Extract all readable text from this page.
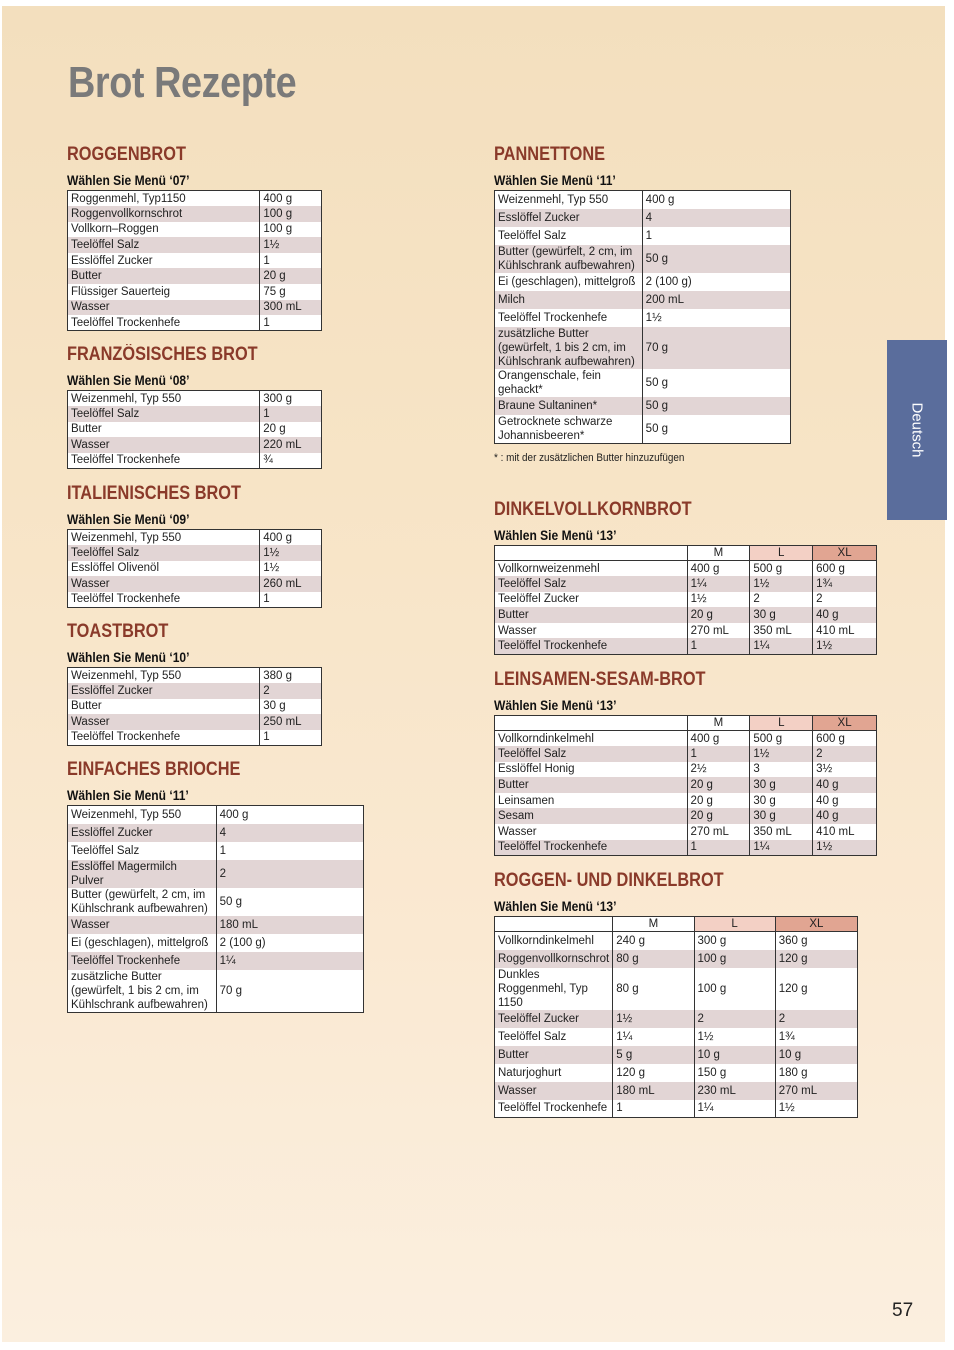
Brot Rezepte
ROGGENBROT
Wählen Sie Menü ‘07’
Roggenmehl, Typ1150	400 g
Roggenvollkornschrot	100 g
Vollkorn–Roggen	100 g
Teelöffel Salz	1½
Esslöffel Zucker	1
Butter	20 g
Flüssiger Sauerteig	75 g
Wasser	300 mL
Teelöffel Trockenhefe	1
FRANZÖSISCHES BROT
Wählen Sie Menü ‘08’
Weizenmehl, Typ 550	300 g
Teelöffel Salz	1
Butter	20 g
Wasser	220 mL
Teelöffel Trockenhefe	¾
ITALIENISCHES BROT
Wählen Sie Menü ‘09’
Weizenmehl, Typ 550	400 g
Teelöffel Salz	1½
Esslöffel Olivenöl	1½
Wasser	260 mL
Teelöffel Trockenhefe	1
TOASTBROT
Wählen Sie Menü ‘10’
Weizenmehl, Typ 550	380 g
Esslöffel Zucker	2
Butter	30 g
Wasser	250 mL
Teelöffel Trockenhefe	1
EINFACHES BRIOCHE
Wählen Sie Menü ‘11’
Weizenmehl, Typ 550	400 g
Esslöffel Zucker	4
Teelöffel Salz	1
Esslöffel Magermilch Pulver	2
Butter (gewürfelt, 2 cm, im Kühlschrank aufbewahren)	50 g
Wasser	180 mL
Ei (geschlagen), mittelgroß	2 (100 g)
Teelöffel Trockenhefe	1¼
zusätzliche Butter (gewürfelt, 1 bis 2 cm, im Kühlschrank aufbewahren)	70 g
PANNETTONE
Wählen Sie Menü ‘11’
Weizenmehl, Typ 550	400 g
Esslöffel Zucker	4
Teelöffel Salz	1
Butter (gewürfelt, 2 cm, im Kühlschrank aufbewahren)	50 g
Ei (geschlagen), mittelgroß	2 (100 g)
Milch	200 mL
Teelöffel Trockenhefe	1½
zusätzliche Butter (gewürfelt, 1 bis 2 cm, im Kühlschrank aufbewahren)	70 g
Orangenschale, fein gehackt*	50 g
Braune Sultaninen*	50 g
Getrocknete schwarze Johannisbeeren*	50 g
* : mit der zusätzlichen Butter hinzuzufügen
DINKELVOLLKORNBROT
Wählen Sie Menü ‘13’
	M	L	XL
Vollkornweizenmehl	400 g	500 g	600 g
Teelöffel Salz	1¼	1½	1¾
Teelöffel Zucker	1½	2	2
Butter	20 g	30 g	40 g
Wasser	270 mL	350 mL	410 mL
Teelöffel Trockenhefe	1	1¼	1½
LEINSAMEN-SESAM-BROT
Wählen Sie Menü ‘13’
	M	L	XL
Vollkorndinkelmehl	400 g	500 g	600 g
Teelöffel Salz	1	1½	2
Esslöffel Honig	2½	3	3½
Butter	20 g	30 g	40 g
Leinsamen	20 g	30 g	40 g
Sesam	20 g	30 g	40 g
Wasser	270 mL	350 mL	410 mL
Teelöffel Trockenhefe	1	1¼	1½
ROGGEN- UND DINKELBROT
Wählen Sie Menü ‘13’
	M	L	XL
Vollkorndinkelmehl	240 g	300 g	360 g
Roggenvollkornschrot	80 g	100 g	120 g
Dunkles Roggenmehl, Typ 1150	80 g	100 g	120 g
Teelöffel Zucker	1½	2	2
Teelöffel Salz	1¼	1½	1¾
Butter	5 g	10 g	10 g
Naturjoghurt	120 g	150 g	180 g
Wasser	180 mL	230 mL	270 mL
Teelöffel Trockenhefe	1	1¼	1½
Deutsch
57
